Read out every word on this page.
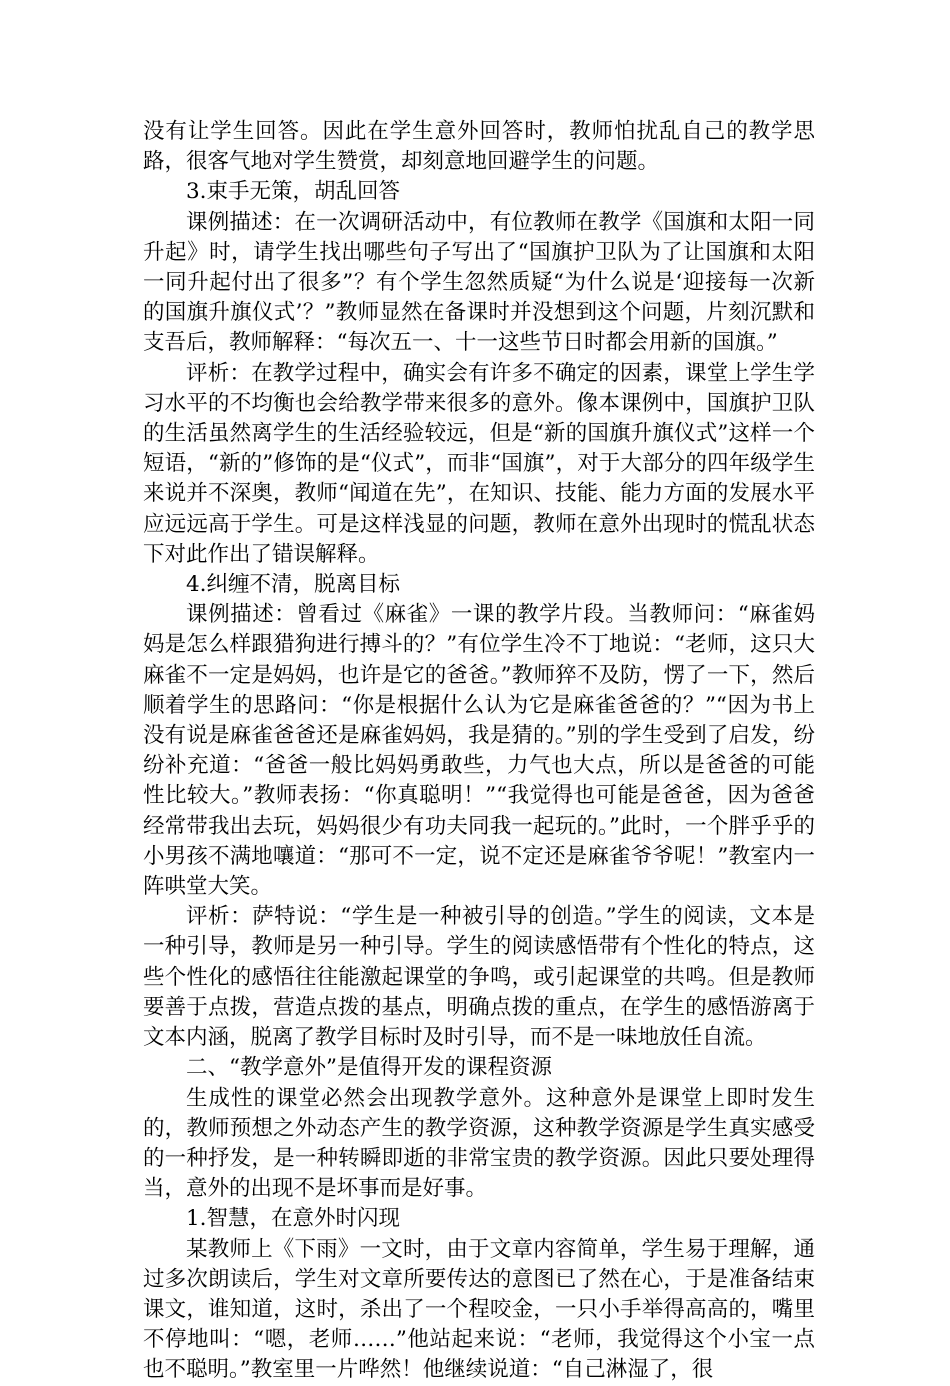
没有让学生回答。因此在学生意外回答时，教师怕扰乱自己的教学思路，很客气地对学生赞赏，却刻意地回避学生的问题。

3.束手无策，胡乱回答

课例描述：在一次调研活动中，有位教师在教学《国旗和太阳一同升起》时，请学生找出哪些句子写出了“国旗护卫队为了让国旗和太阳一同升起付出了很多”？有个学生忽然质疑“为什么说是‘迎接每一次新的国旗升旗仪式’？”教师显然在备课时并没想到这个问题，片刻沉默和支吾后，教师解释：“每次五一、十一这些节日时都会用新的国旗。”

评析：在教学过程中，确实会有许多不确定的因素，课堂上学生学习水平的不均衡也会给教学带来很多的意外。像本课例中，国旗护卫队的生活虽然离学生的生活经验较远，但是“新的国旗升旗仪式”这样一个短语，“新的”修饰的是“仪式”，而非“国旗”，对于大部分的四年级学生来说并不深奥，教师“闻道在先”，在知识、技能、能力方面的发展水平应远远高于学生。可是这样浅显的问题，教师在意外出现时的慌乱状态下对此作出了错误解释。

4.纠缠不清，脱离目标

课例描述：曾看过《麻雀》一课的教学片段。当教师问：“麻雀妈妈是怎么样跟猎狗进行搏斗的？”有位学生冷不丁地说：“老师，这只大麻雀不一定是妈妈，也许是它的爸爸。”教师猝不及防，愣了一下，然后顺着学生的思路问：“你是根据什么认为它是麻雀爸爸的？”“因为书上没有说是麻雀爸爸还是麻雀妈妈，我是猜的。”别的学生受到了启发，纷纷补充道：“爸爸一般比妈妈勇敢些，力气也大点，所以是爸爸的可能性比较大。”教师表扬：“你真聪明！”“我觉得也可能是爸爸，因为爸爸经常带我出去玩，妈妈很少有功夫同我一起玩的。”此时，一个胖乎乎的小男孩不满地嚷道：“那可不一定，说不定还是麻雀爷爷呢！”教室内一阵哄堂大笑。

评析：萨特说：“学生是一种被引导的创造。”学生的阅读，文本是一种引导，教师是另一种引导。学生的阅读感悟带有个性化的特点，这些个性化的感悟往往能激起课堂的争鸣，或引起课堂的共鸣。但是教师要善于点拨，营造点拨的基点，明确点拨的重点，在学生的感悟游离于文本内涵，脱离了教学目标时及时引导，而不是一味地放任自流。

二、“教学意外”是值得开发的课程资源

生成性的课堂必然会出现教学意外。这种意外是课堂上即时发生的，教师预想之外动态产生的教学资源，这种教学资源是学生真实感受的一种抒发，是一种转瞬即逝的非常宝贵的教学资源。因此只要处理得当，意外的出现不是坏事而是好事。

1.智慧，在意外时闪现

某教师上《下雨》一文时，由于文章内容简单，学生易于理解，通过多次朗读后，学生对文章所要传达的意图已了然在心，于是准备结束课文，谁知道，这时，杀出了一个程咬金，一只小手举得高高的，嘴里不停地叫：“嗯，老师……”他站起来说：“老师，我觉得这个小宝一点也不聪明。”教室里一片哗然！他继续说道：“自己淋湿了，很
